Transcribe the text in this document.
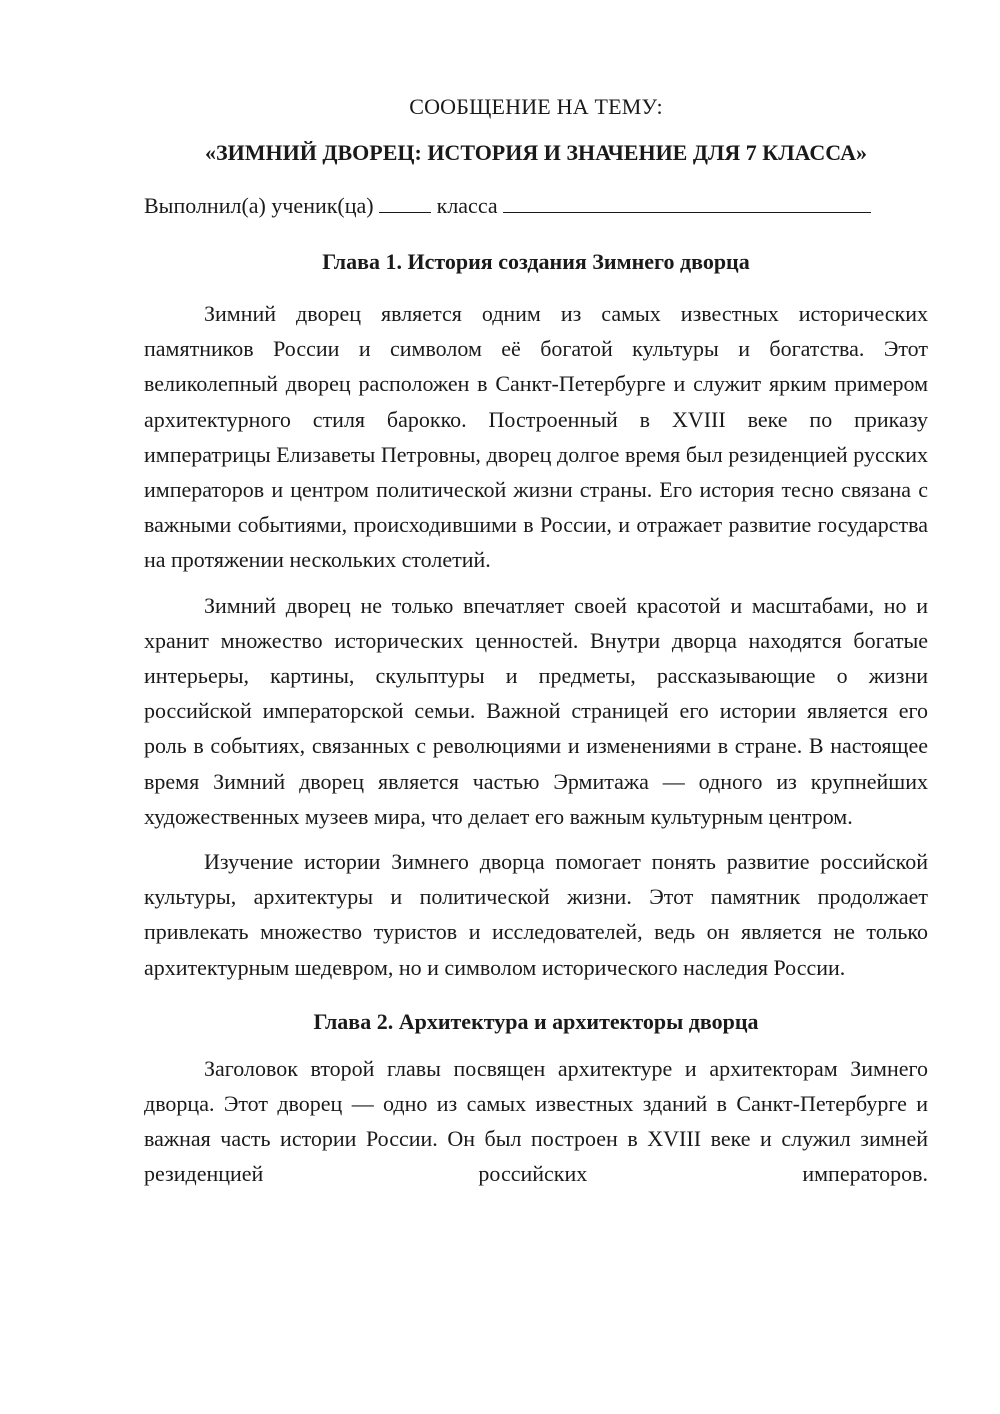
СООБЩЕНИЕ НА ТЕМУ:

«ЗИМНИЙ ДВОРЕЦ: ИСТОРИЯ И ЗНАЧЕНИЕ ДЛЯ 7 КЛАССА»

Выполнил(а) ученик(ца)	класса

Глава 1. История создания Зимнего дворца

Зимний дворец является одним из самых известных исторических памятников России и символом её богатой культуры и богатства. Этот великолепный дворец расположен в Санкт-Петербурге и служит ярким примером архитектурного стиля барокко. Построенный в XVIII веке по приказу императрицы Елизаветы Петровны, дворец долгое время был резиденцией русских императоров и центром политической жизни страны. Его история тесно связана с важными событиями, происходившими в России, и отражает развитие государства на протяжении нескольких столетий.

Зимний дворец не только впечатляет своей красотой и масштабами, но и хранит множество исторических ценностей. Внутри дворца находятся богатые интерьеры, картины, скульптуры и предметы, рассказывающие о жизни российской императорской семьи. Важной страницей его истории является его роль в событиях, связанных с революциями и изменениями в стране. В настоящее время Зимний дворец является частью Эрмитажа — одного из крупнейших художественных музеев мира, что делает его важным культурным центром.

Изучение истории Зимнего дворца помогает понять развитие российской культуры, архитектуры и политической жизни. Этот памятник продолжает привлекать множество туристов и исследователей, ведь он является не только архитектурным шедевром, но и символом исторического наследия России.

Глава 2. Архитектура и архитекторы дворца

Заголовок второй главы посвящен архитектуре и архитекторам Зимнего дворца. Этот дворец — одно из самых известных зданий в Санкт-Петербурге и важная часть истории России. Он был построен в XVIII веке и служил зимней резиденцией российских императоров.
